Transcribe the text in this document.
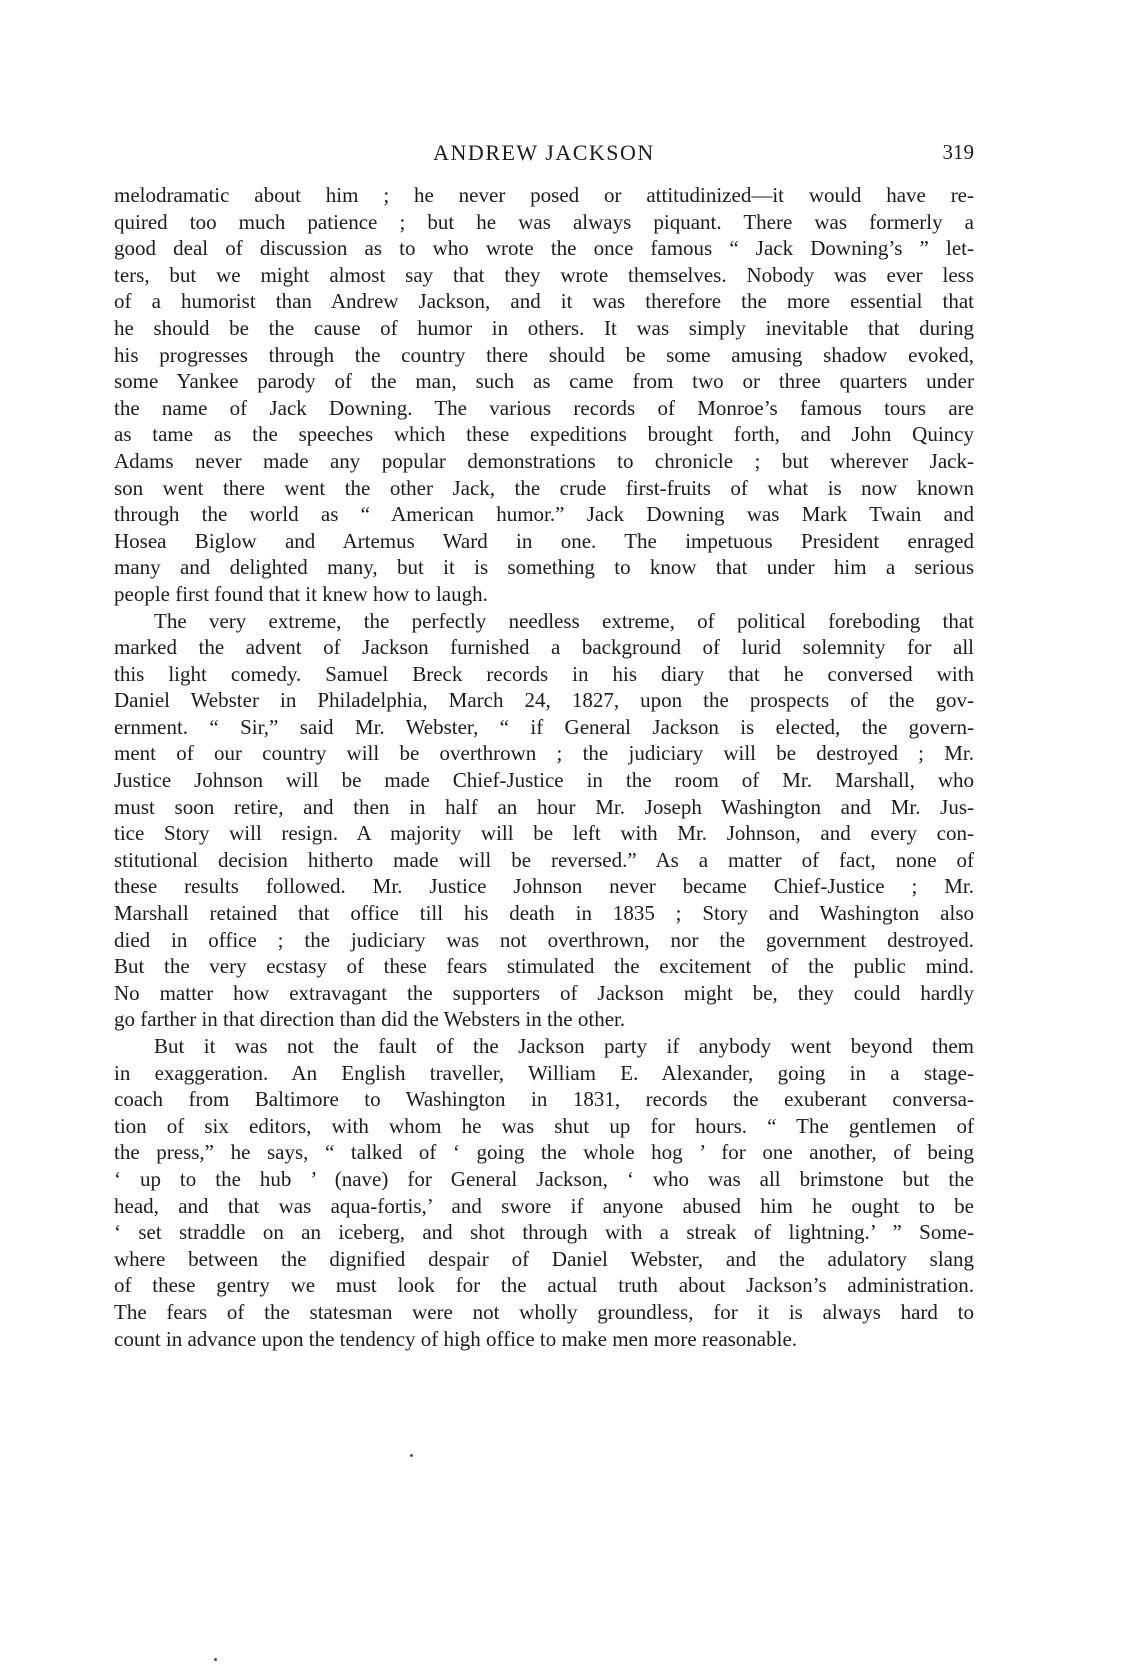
ANDREW JACKSON	319
melodramatic about him ; he never posed or attitudinized—it would have re-
quired too much patience ; but he was always piquant. There was formerly a
good deal of discussion as to who wrote the once famous “ Jack Downing’s ” let-
ters, but we might almost say that they wrote themselves. Nobody was ever less
of a humorist than Andrew Jackson, and it was therefore the more essential that
he should be the cause of humor in others. It was simply inevitable that during
his progresses through the country there should be some amusing shadow evoked,
some Yankee parody of the man, such as came from two or three quarters under
the name of Jack Downing. The various records of Monroe’s famous tours are
as tame as the speeches which these expeditions brought forth, and John Quincy
Adams never made any popular demonstrations to chronicle ; but wherever Jack-
son went there went the other Jack, the crude first-fruits of what is now known
through the world as “ American humor.” Jack Downing was Mark Twain and
Hosea Biglow and Artemus Ward in one. The impetuous President enraged
many and delighted many, but it is something to know that under him a serious
people first found that it knew how to laugh.
The very extreme, the perfectly needless extreme, of political foreboding that
marked the advent of Jackson furnished a background of lurid solemnity for all
this light comedy. Samuel Breck records in his diary that he conversed with
Daniel Webster in Philadelphia, March 24, 1827, upon the prospects of the gov-
ernment. “ Sir,” said Mr. Webster, “ if General Jackson is elected, the govern-
ment of our country will be overthrown ; the judiciary will be destroyed ; Mr.
Justice Johnson will be made Chief-Justice in the room of Mr. Marshall, who
must soon retire, and then in half an hour Mr. Joseph Washington and Mr. Jus-
tice Story will resign. A majority will be left with Mr. Johnson, and every con-
stitutional decision hitherto made will be reversed.” As a matter of fact, none of
these results followed. Mr. Justice Johnson never became Chief-Justice ; Mr.
Marshall retained that office till his death in 1835 ; Story and Washington also
died in office ; the judiciary was not overthrown, nor the government destroyed.
But the very ecstasy of these fears stimulated the excitement of the public mind.
No matter how extravagant the supporters of Jackson might be, they could hardly
go farther in that direction than did the Websters in the other.
But it was not the fault of the Jackson party if anybody went beyond them
in exaggeration. An English traveller, William E. Alexander, going in a stage-
coach from Baltimore to Washington in 1831, records the exuberant conversa-
tion of six editors, with whom he was shut up for hours. “ The gentlemen of
the press,” he says, “ talked of ‘ going the whole hog ’ for one another, of being
‘ up to the hub ’ (nave) for General Jackson, ‘ who was all brimstone but the
head, and that was aqua-fortis,’ and swore if anyone abused him he ought to be
‘ set straddle on an iceberg, and shot through with a streak of lightning.’ ” Some-
where between the dignified despair of Daniel Webster, and the adulatory slang
of these gentry we must look for the actual truth about Jackson’s administration.
The fears of the statesman were not wholly groundless, for it is always hard to
count in advance upon the tendency of high office to make men more reasonable.
